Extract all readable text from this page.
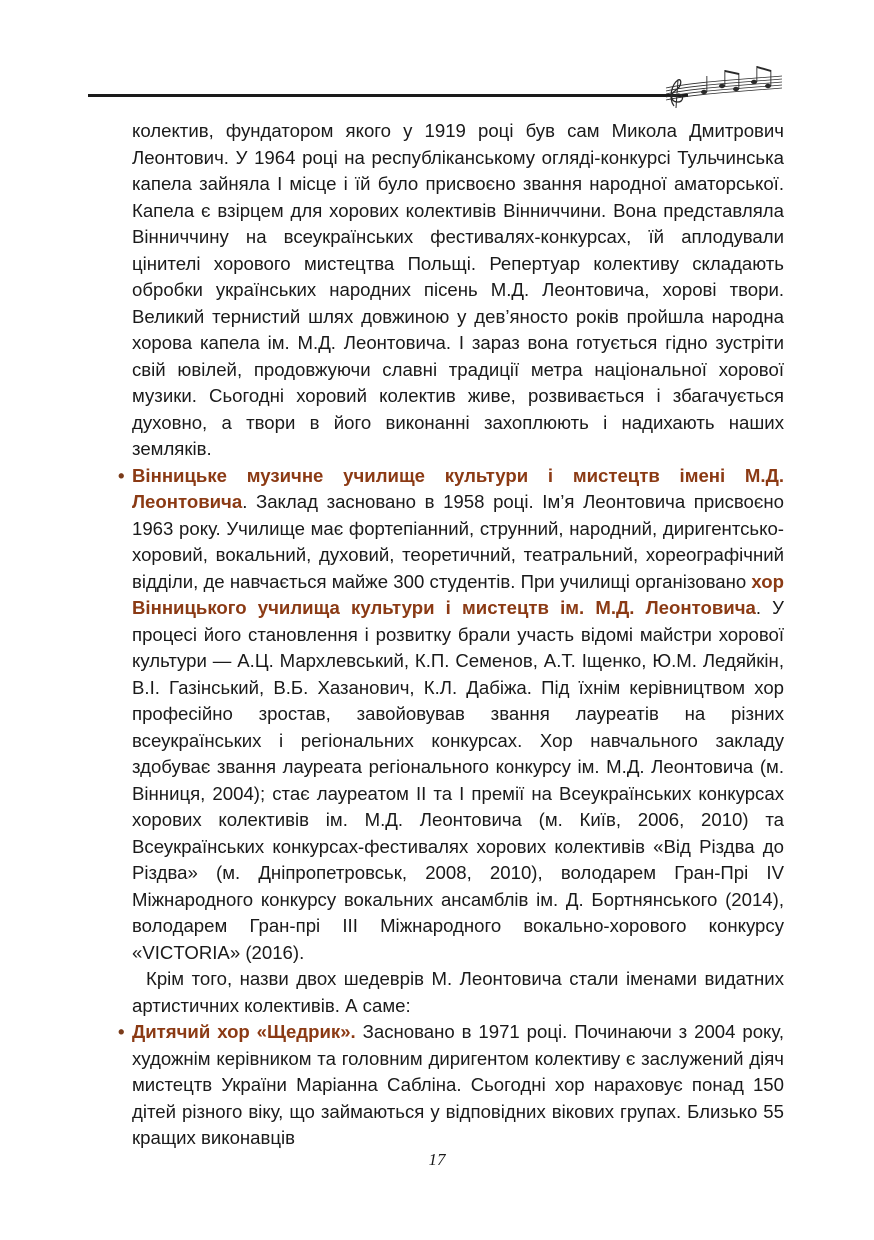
колектив, фундатором якого у 1919 році був сам Микола Дмитрович Леонтович. У 1964 році на республіканському огляді-конкурсі Тульчинська капела зайняла І місце і їй було присвоєно звання народної аматорської. Капела є взірцем для хорових колективів Вінниччини. Вона представляла Вінниччину на всеукраїнських фестивалях-конкурсах, їй аплодували цінителі хорового мистецтва Польщі. Репертуар колективу складають обробки українських народних пісень М.Д. Леонтовича, хорові твори. Великий тернистий шлях довжиною у дев’яносто років пройшла народна хорова капела ім. М.Д. Леонтовича. І зараз вона готується гідно зустріти свій ювілей, продовжуючи славні традиції метра національної хорової музики. Сьогодні хоровий колектив живе, розвивається і збагачується духовно, а твори в його виконанні захоплюють і надихають наших земляків.

• Вінницьке музичне училище культури і мистецтв імені М.Д. Леонтовича. Заклад засновано в 1958 році. Ім’я Леонтовича присвоєно 1963 року. Училище має фортепіанний, струнний, народний, диригентсько-хоровий, вокальний, духовий, теоретичний, театральний, хореографічний відділи, де навчається майже 300 студентів. При училищі організовано хор Вінницького училища культури і мистецтв ім. М.Д. Леонтовича. У процесі його становлення і розвитку брали участь відомі майстри хорової культури — А.Ц. Мархлевський, К.П. Семенов, А.Т. Іщенко, Ю.М. Ледяйкін, В.І. Газінський, В.Б. Хазанович, К.Л. Дабіжа. Під їхнім керівництвом хор професійно зростав, завойовував звання лауреатів на різних всеукраїнських і регіональних конкурсах. Хор навчального закладу здобуває звання лауреата регіонального конкурсу ім. М.Д. Леонтовича (м. Вінниця, 2004); стає лауреатом ІІ та І премії на Всеукраїнських конкурсах хорових колективів ім. М.Д. Леонтовича (м. Київ, 2006, 2010) та Всеукраїнських конкурсах-фестивалях хорових колективів «Від Різдва до Різдва» (м. Дніпропетровськ, 2008, 2010), володарем Гран-Прі IV Міжнародного конкурсу вокальних ансамблів ім. Д. Бортнянського (2014), володарем Гран-прі ІІІ Міжнародного вокально-хорового конкурсу «VICTORIA» (2016).

Крім того, назви двох шедеврів М. Леонтовича стали іменами видатних артистичних колективів. А саме:

• Дитячий хор «Щедрик». Засновано в 1971 році. Починаючи з 2004 року, художнім керівником та головним диригентом колективу є заслужений діяч мистецтв України Маріанна Сабліна. Сьогодні хор нараховує понад 150 дітей різного віку, що займаються у відповідних вікових групах. Близько 55 кращих виконавців

17
